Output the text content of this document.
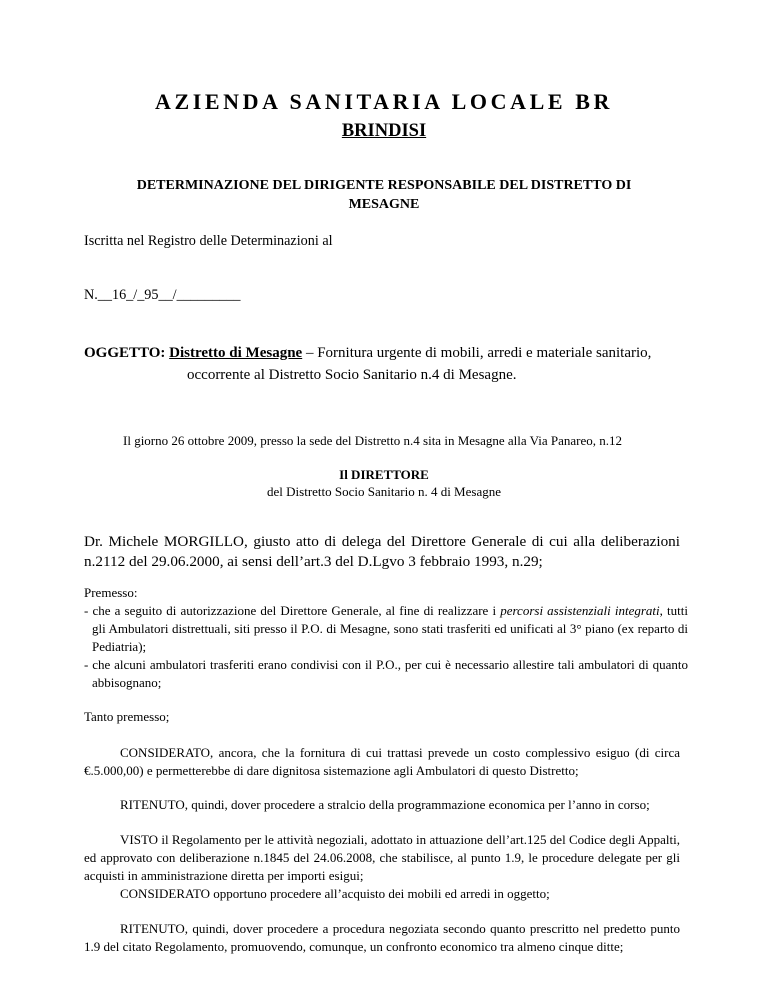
AZIENDA SANITARIA LOCALE BR
BRINDISI
DETERMINAZIONE DEL DIRIGENTE RESPONSABILE DEL DISTRETTO DI MESAGNE
Iscritta nel Registro delle Determinazioni al
N.__16_/_95__/_________
OGGETTO: Distretto di Mesagne – Fornitura urgente di mobili, arredi e materiale sanitario,
occorrente al Distretto Socio Sanitario n.4 di Mesagne.
Il giorno 26 ottobre 2009, presso la sede del Distretto n.4 sita in Mesagne alla Via Panareo, n.12
Il DIRETTORE
del Distretto Socio Sanitario n. 4 di Mesagne
Dr. Michele MORGILLO, giusto atto di delega del Direttore Generale di cui alla deliberazioni n.2112 del 29.06.2000, ai sensi dell’art.3 del D.Lgvo 3 febbraio 1993, n.29;
Premesso:
- che a seguito di autorizzazione del Direttore Generale, al fine di realizzare i percorsi assistenziali integrati, tutti gli Ambulatori distrettuali, siti presso il P.O. di Mesagne, sono stati trasferiti ed unificati al 3° piano (ex reparto di Pediatria);
- che alcuni ambulatori trasferiti erano condivisi con il P.O., per cui è necessario allestire tali ambulatori di quanto abbisognano;
Tanto premesso;
CONSIDERATO, ancora, che la fornitura di cui trattasi prevede un costo complessivo esiguo (di circa €.5.000,00) e permetterebbe di dare dignitosa sistemazione agli Ambulatori di questo Distretto;
RITENUTO, quindi, dover procedere a stralcio della programmazione economica per l’anno in corso;
VISTO il Regolamento per le attività negoziali, adottato in attuazione dell’art.125 del Codice degli Appalti, ed approvato con deliberazione n.1845 del 24.06.2008, che stabilisce, al punto 1.9, le procedure delegate per gli acquisti in amministrazione diretta per importi esigui;
CONSIDERATO opportuno procedere all’acquisto dei mobili ed arredi in oggetto;
RITENUTO, quindi, dover procedere a procedura negoziata secondo quanto prescritto nel predetto punto 1.9 del citato Regolamento, promuovendo, comunque, un confronto economico tra almeno cinque ditte;
